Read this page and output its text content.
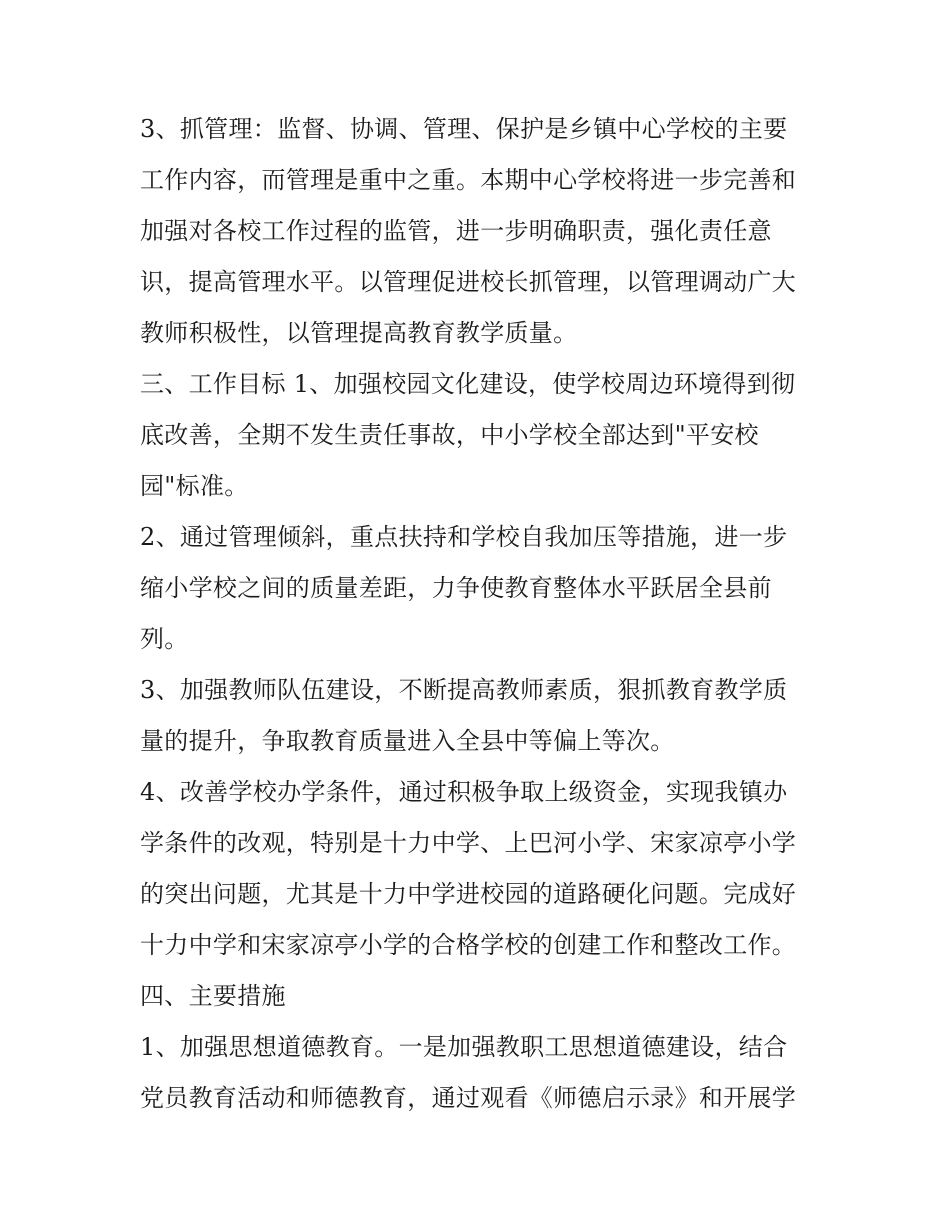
3、抓管理：监督、协调、管理、保护是乡镇中心学校的主要
工作内容，而管理是重中之重。本期中心学校将进一步完善和
加强对各校工作过程的监管，进一步明确职责，强化责任意
识，提高管理水平。以管理促进校长抓管理，以管理调动广大
教师积极性，以管理提高教育教学质量。
三、工作目标 1、加强校园文化建设，使学校周边环境得到彻
底改善，全期不发生责任事故，中小学校全部达到"平安校
园"标准。
2、通过管理倾斜，重点扶持和学校自我加压等措施，进一步
缩小学校之间的质量差距，力争使教育整体水平跃居全县前
列。
3、加强教师队伍建设，不断提高教师素质，狠抓教育教学质
量的提升，争取教育质量进入全县中等偏上等次。
4、改善学校办学条件，通过积极争取上级资金，实现我镇办
学条件的改观，特别是十力中学、上巴河小学、宋家凉亭小学
的突出问题，尤其是十力中学进校园的道路硬化问题。完成好
十力中学和宋家凉亭小学的合格学校的创建工作和整改工作。
四、主要措施
1、加强思想道德教育。一是加强教职工思想道德建设，结合
党员教育活动和师德教育，通过观看《师德启示录》和开展学
